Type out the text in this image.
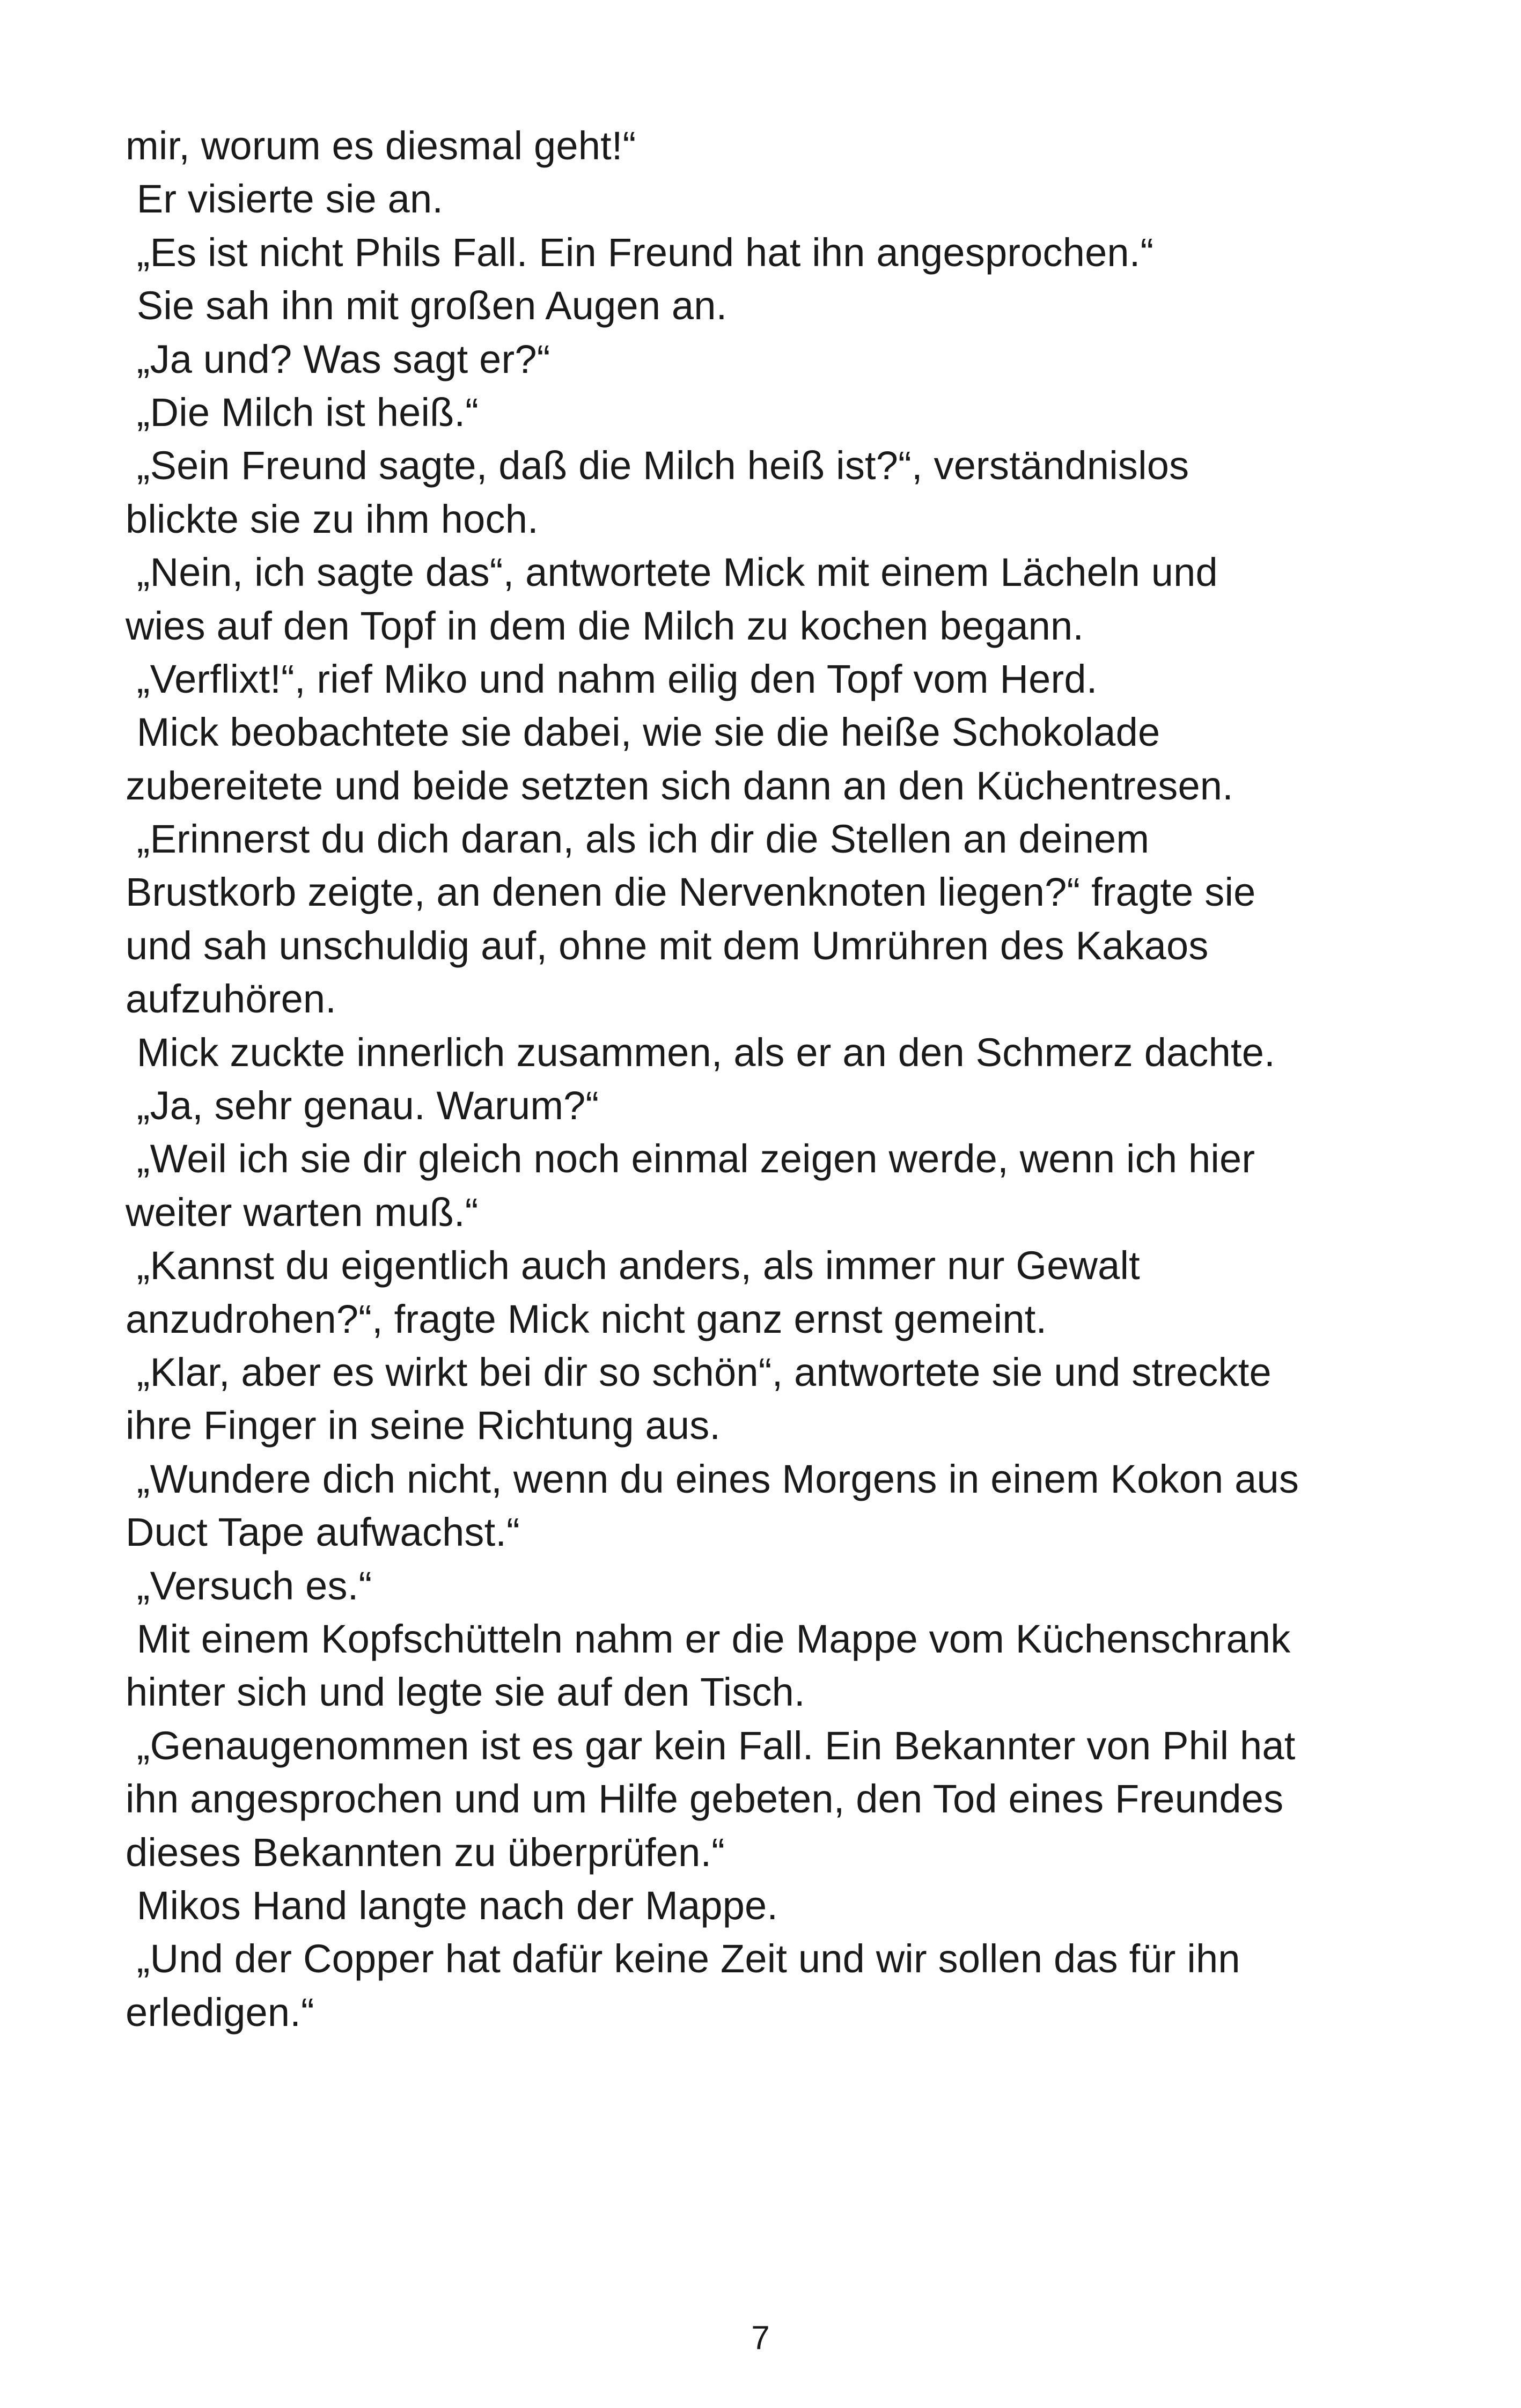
mir, worum es diesmal geht!“
Er visierte sie an.
„Es ist nicht Phils Fall. Ein Freund hat ihn angesprochen.“
Sie sah ihn mit großen Augen an.
„Ja und? Was sagt er?“
„Die Milch ist heiß.“
„Sein Freund sagte, daß die Milch heiß ist?“, verständnislos
blickte sie zu ihm hoch.
„Nein, ich sagte das“, antwortete Mick mit einem Lächeln und
wies auf den Topf in dem die Milch zu kochen begann.
„Verflixt!“, rief Miko und nahm eilig den Topf vom Herd.
Mick beobachtete sie dabei, wie sie die heiße Schokolade
zubereitete und beide setzten sich dann an den Küchentresen.
„Erinnerst du dich daran, als ich dir die Stellen an deinem
Brustkorb zeigte, an denen die Nervenknoten liegen?“ fragte sie
und sah unschuldig auf, ohne mit dem Umrühren des Kakaos
aufzuhören.
Mick zuckte innerlich zusammen, als er an den Schmerz dachte.
„Ja, sehr genau. Warum?“
„Weil ich sie dir gleich noch einmal zeigen werde, wenn ich hier
weiter warten muß.“
„Kannst du eigentlich auch anders, als immer nur Gewalt
anzudrohen?“, fragte Mick nicht ganz ernst gemeint.
„Klar, aber es wirkt bei dir so schön“, antwortete sie und streckte
ihre Finger in seine Richtung aus.
„Wundere dich nicht, wenn du eines Morgens in einem Kokon aus
Duct Tape aufwachst.“
„Versuch es.“
Mit einem Kopfschütteln nahm er die Mappe vom Küchenschrank
hinter sich und legte sie auf den Tisch.
„Genaugenommen ist es gar kein Fall. Ein Bekannter von Phil hat
ihn angesprochen und um Hilfe gebeten, den Tod eines Freundes
dieses Bekannten zu überprüfen.“
Mikos Hand langte nach der Mappe.
„Und der Copper hat dafür keine Zeit und wir sollen das für ihn
erledigen.“
7
